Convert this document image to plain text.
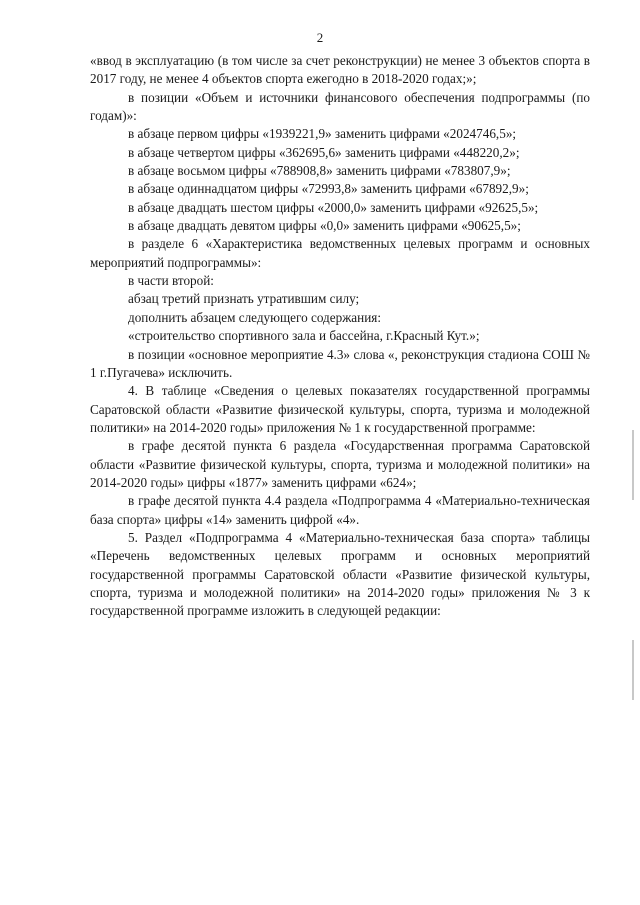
2

«ввод в эксплуатацию (в том числе за счет реконструкции) не менее 3 объектов спорта в 2017 году, не менее 4 объектов спорта ежегодно в 2018-2020 годах;»;

в позиции «Объем и источники финансового обеспечения подпрограммы (по годам)»:

в абзаце первом цифры «1939221,9» заменить цифрами «2024746,5»;

в абзаце четвертом цифры «362695,6» заменить цифрами «448220,2»;

в абзаце восьмом цифры «788908,8» заменить цифрами «783807,9»;

в абзаце одиннадцатом цифры «72993,8» заменить цифрами «67892,9»;

в абзаце двадцать шестом цифры «2000,0» заменить цифрами «92625,5»;

в абзаце двадцать девятом цифры «0,0» заменить цифрами «90625,5»;

в разделе 6 «Характеристика ведомственных целевых программ и основных мероприятий подпрограммы»:

в части второй:

абзац третий признать утратившим силу;

дополнить абзацем следующего содержания:

«строительство спортивного зала и бассейна, г.Красный Кут.»;

в позиции «основное мероприятие 4.3» слова «, реконструкция стадиона СОШ № 1 г.Пугачева» исключить.

4. В таблице «Сведения о целевых показателях государственной программы Саратовской области «Развитие физической культуры, спорта, туризма и молодежной политики» на 2014-2020 годы» приложения № 1 к государственной программе:

в графе десятой пункта 6 раздела «Государственная программа Саратовской области «Развитие физической культуры, спорта, туризма и молодежной политики» на 2014-2020 годы» цифры «1877» заменить цифрами «624»;

в графе десятой пункта 4.4 раздела «Подпрограмма 4 «Материально-техническая база спорта» цифры «14» заменить цифрой «4».

5. Раздел «Подпрограмма 4 «Материально-техническая база спорта» таблицы «Перечень ведомственных целевых программ и основных мероприятий государственной программы Саратовской области «Развитие физической культуры, спорта, туризма и молодежной политики» на 2014-2020 годы» приложения № 3 к государственной программе изложить в следующей редакции:
